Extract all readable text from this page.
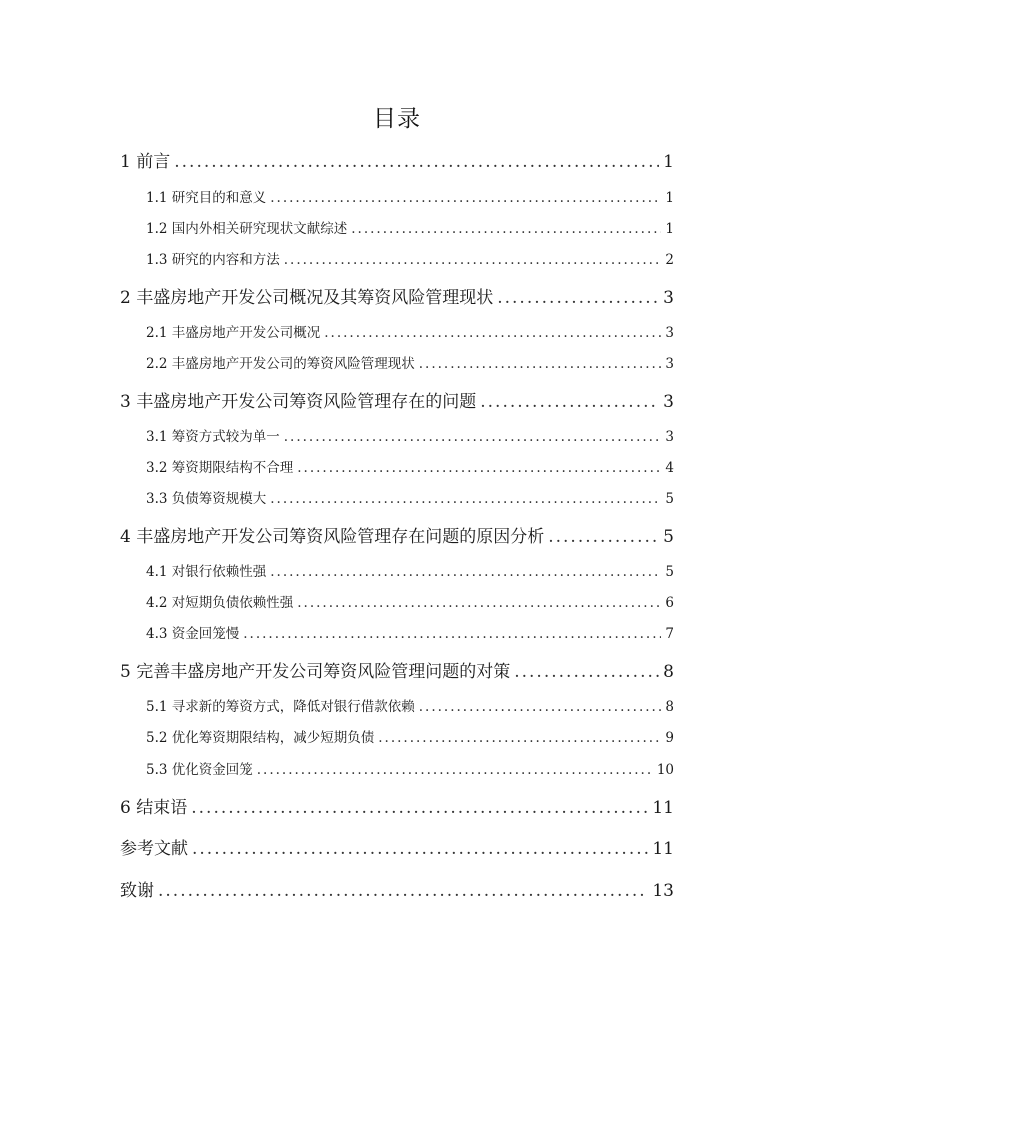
目录
1 前言 .....	1
1.1 研究目的和意义 .....	1
1.2 国内外相关研究现状文献综述 .....	1
1.3 研究的内容和方法 .....	2
2 丰盛房地产开发公司概况及其筹资风险管理现状 .....	3
2.1 丰盛房地产开发公司概况 .....	3
2.2 丰盛房地产开发公司的筹资风险管理现状 .....	3
3 丰盛房地产开发公司筹资风险管理存在的问题 .....	3
3.1 筹资方式较为单一 .....	3
3.2 筹资期限结构不合理 .....	4
3.3 负债筹资规模大 .....	5
4 丰盛房地产开发公司筹资风险管理存在问题的原因分析 .....	5
4.1 对银行依赖性强 .....	5
4.2 对短期负债依赖性强 .....	6
4.3 资金回笼慢 .....	7
5 完善丰盛房地产开发公司筹资风险管理问题的对策 .....	8
5.1 寻求新的筹资方式，降低对银行借款依赖 .....	8
5.2 优化筹资期限结构，减少短期负债 .....	9
5.3 优化资金回笼 .....	10
6 结束语 .....	11
参考文献 .....	11
致谢 .....	13
